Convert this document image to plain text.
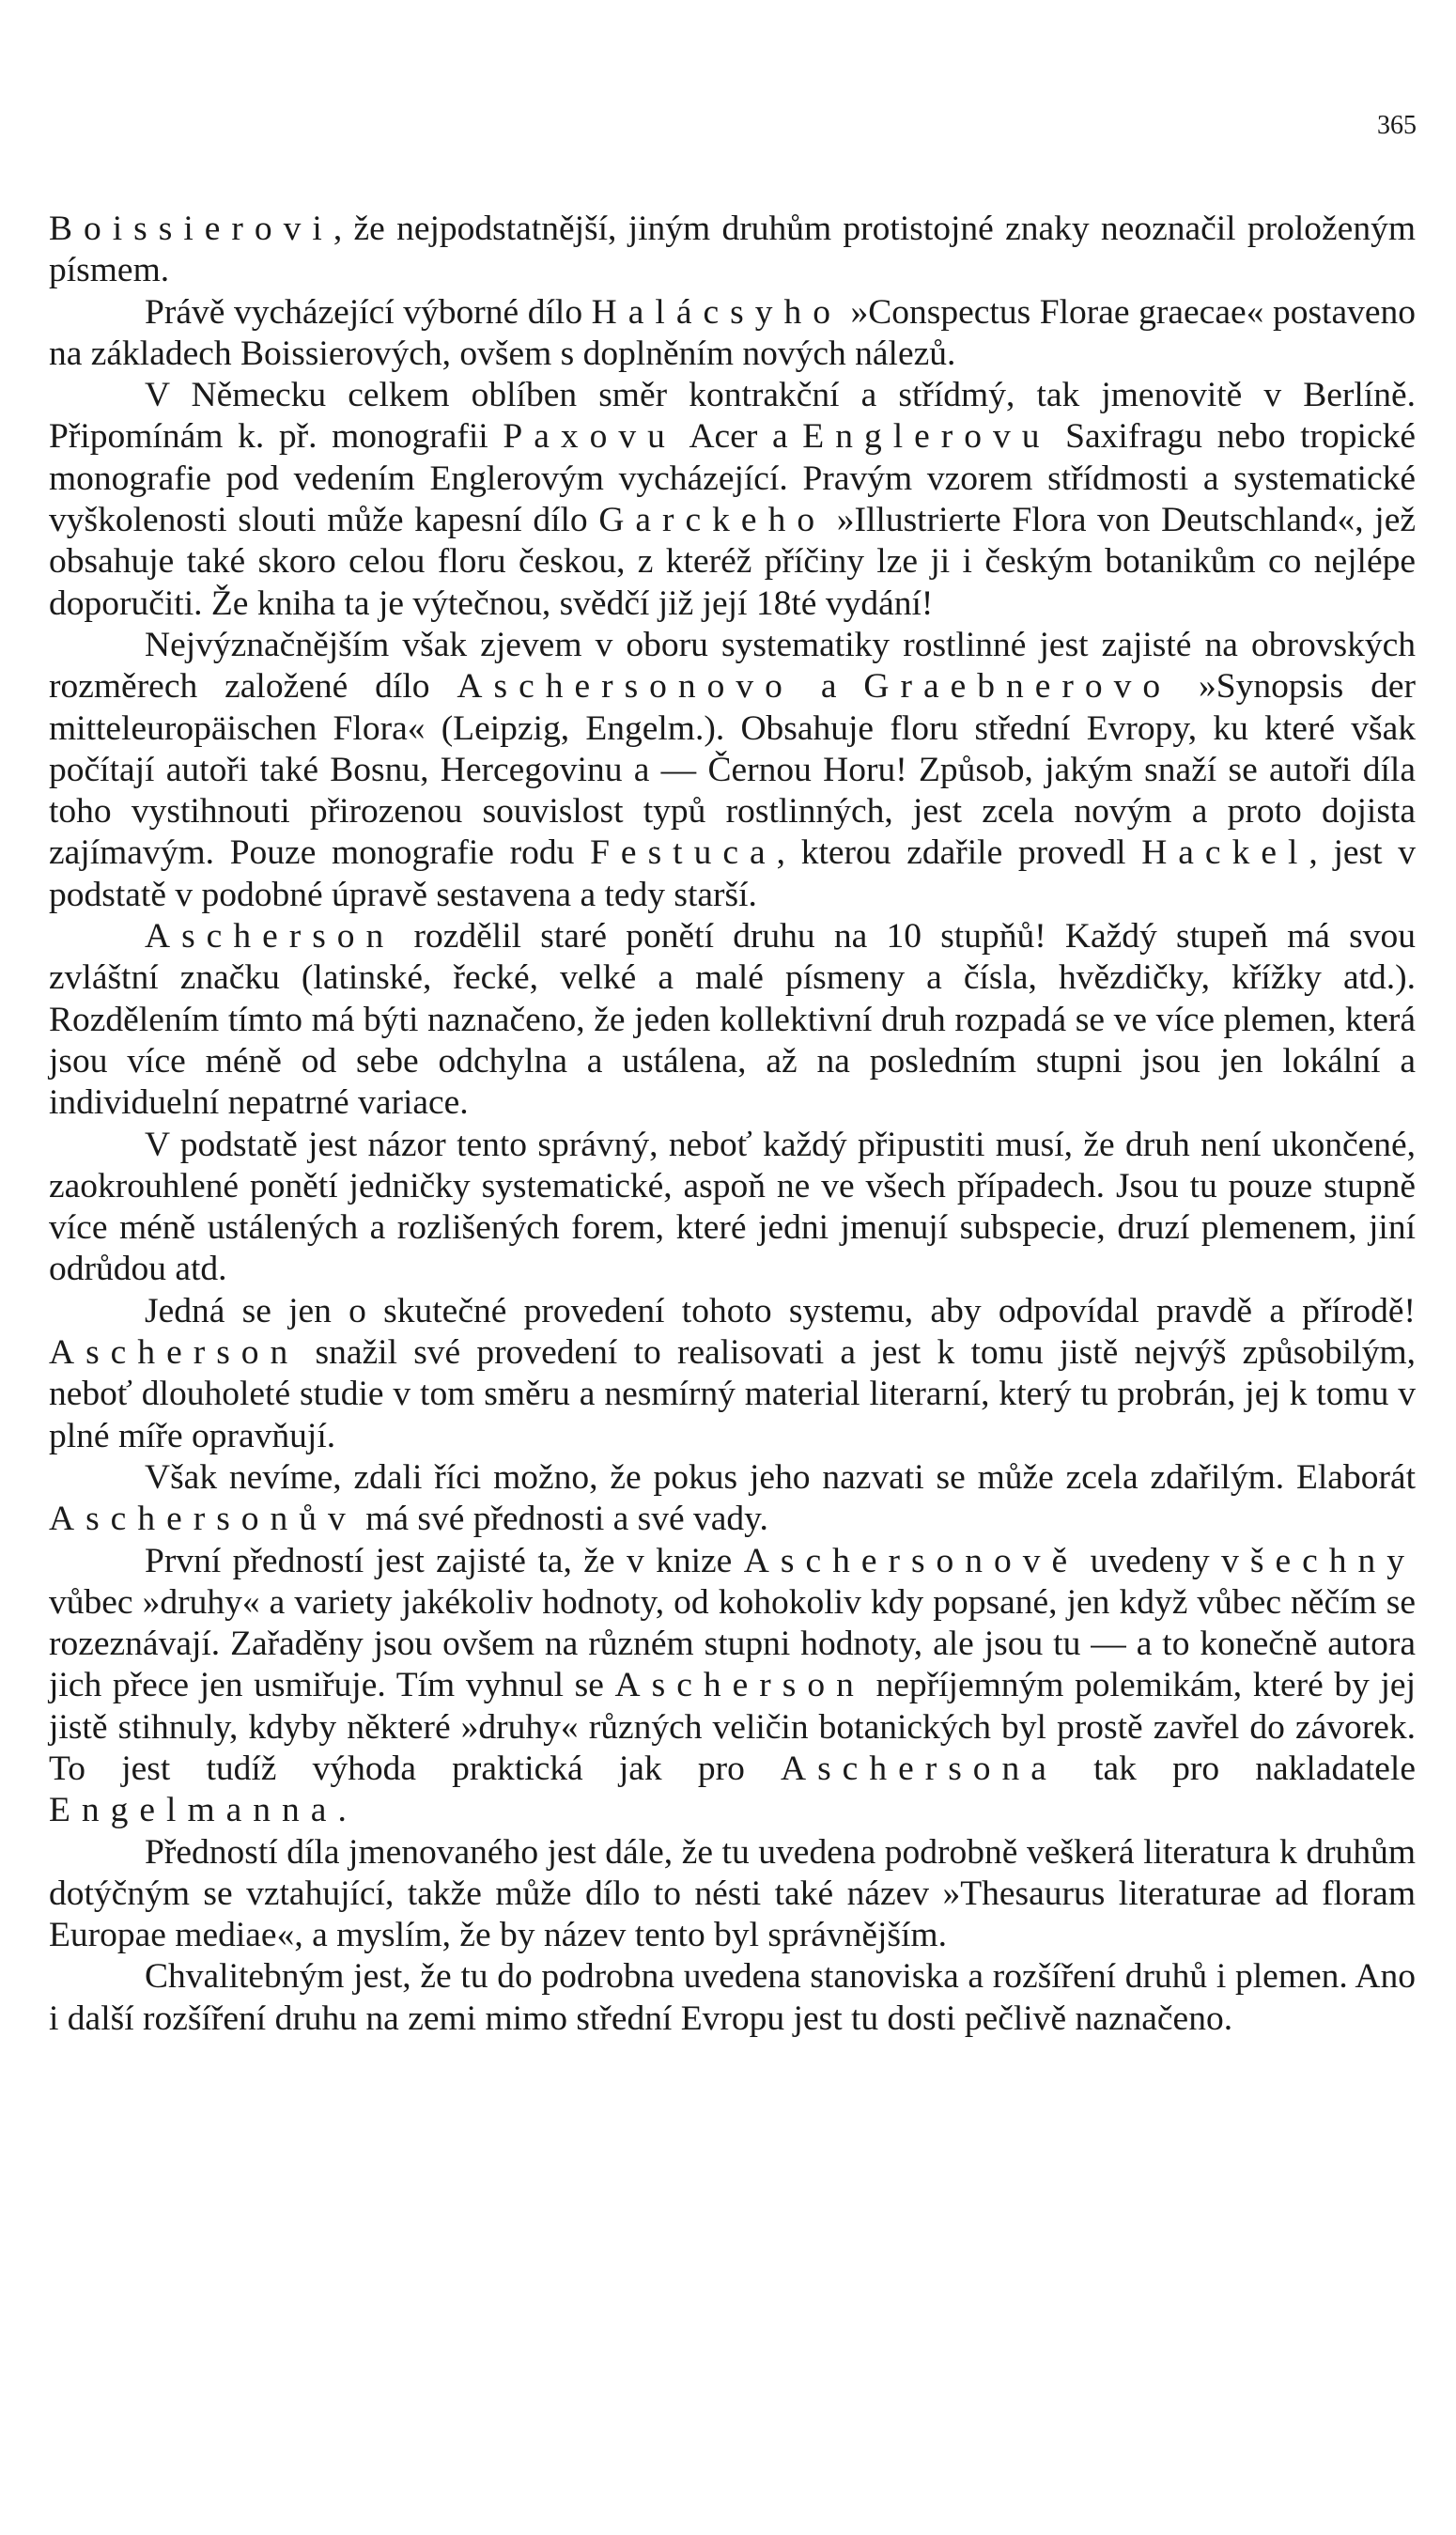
365

Boissierovi, že nejpodstatnější, jiným druhům protistojné znaky neoznačil proloženým písmem.

Právě vycházející výborné dílo Halácsyho »Conspectus Florae graecae« postaveno na základech Boissierových, ovšem s doplněním nových nálezů.

V Německu celkem oblíben směr kontrakční a střídmý, tak jmenovitě v Berlíně. Připomínám k. př. monografii Paxovu Acer a Englerovu Saxifragu nebo tropické monografie pod vedením Englerovým vycházející. Pravým vzorem střídmosti a systematické vyškolenosti slouti může kapesní dílo Garckeho »Illustrierte Flora von Deutschland«, jež obsahuje také skoro celou floru českou, z kteréž příčiny lze ji i českým botanikům co nejlépe doporučiti. Že kniha ta je výtečnou, svědčí již její 18té vydání!

Nejvýznačnějším však zjevem v oboru systematiky rostlinné jest zajisté na obrovských rozměrech založené dílo Aschersonovo a Graebnerovo »Synopsis der mitteleuropäischen Flora« (Leipzig, Engelm.). Obsahuje floru střední Evropy, ku které však počítají autoři také Bosnu, Hercegovinu a — Černou Horu! Způsob, jakým snaží se autoři díla toho vystihnouti přirozenou souvislost typů rostlinných, jest zcela novým a proto dojista zajímavým. Pouze monografie rodu Festuca, kterou zdařile provedl Hackel, jest v podstatě v podobné úpravě sestavena a tedy starší.

Ascherson rozdělil staré ponětí druhu na 10 stupňů! Každý stupeň má svou zvláštní značku (latinské, řecké, velké a malé písmeny a čísla, hvězdičky, křížky atd.). Rozdělením tímto má býti naznačeno, že jeden kollektivní druh rozpadá se ve více plemen, která jsou více méně od sebe odchylna a ustálena, až na posledním stupni jsou jen lokální a individuelní nepatrné variace.

V podstatě jest názor tento správný, neboť každý připustiti musí, že druh není ukončené, zaokrouhlené ponětí jedničky systematické, aspoň ne ve všech případech. Jsou tu pouze stupně více méně ustálených a rozlišených forem, které jedni jmenují subspecie, druzí plemenem, jiní odrůdou atd.

Jedná se jen o skutečné provedení tohoto systemu, aby odpovídal pravdě a přírodě! Ascherson snažil své provedení to realisovati a jest k tomu jistě nejvýš způsobilým, neboť dlouholeté studie v tom směru a nesmírný material literarní, který tu probrán, jej k tomu v plné míře opravňují.

Však nevíme, zdali říci možno, že pokus jeho nazvati se může zcela zdařilým. Elaborát Aschersonův má své přednosti a své vady.

První předností jest zajisté ta, že v knize Aschersonově uvedeny všechny vůbec »druhy« a variety jakékoliv hodnoty, od kohokoliv kdy popsané, jen když vůbec něčím se rozeznávají. Zařaděny jsou ovšem na různém stupni hodnoty, ale jsou tu — a to konečně autora jich přece jen usmiřuje. Tím vyhnul se Ascherson nepříjemným polemikám, které by jej jistě stihnuly, kdyby některé »druhy« různých veličin botanických byl prostě zavřel do závorek. To jest tudíž výhoda praktická jak pro Aschersona tak pro nakladatele Engelmanna.

Předností díla jmenovaného jest dále, že tu uvedena podrobně veškerá literatura k druhům dotýčným se vztahující, takže může dílo to nésti také název »Thesaurus literaturae ad floram Europae mediae«, a myslím, že by název tento byl správnějším.

Chvalitebným jest, že tu do podrobna uvedena stanoviska a rozšíření druhů i plemen. Ano i další rozšíření druhu na zemi mimo střední Evropu jest tu dosti pečlivě naznačeno.
